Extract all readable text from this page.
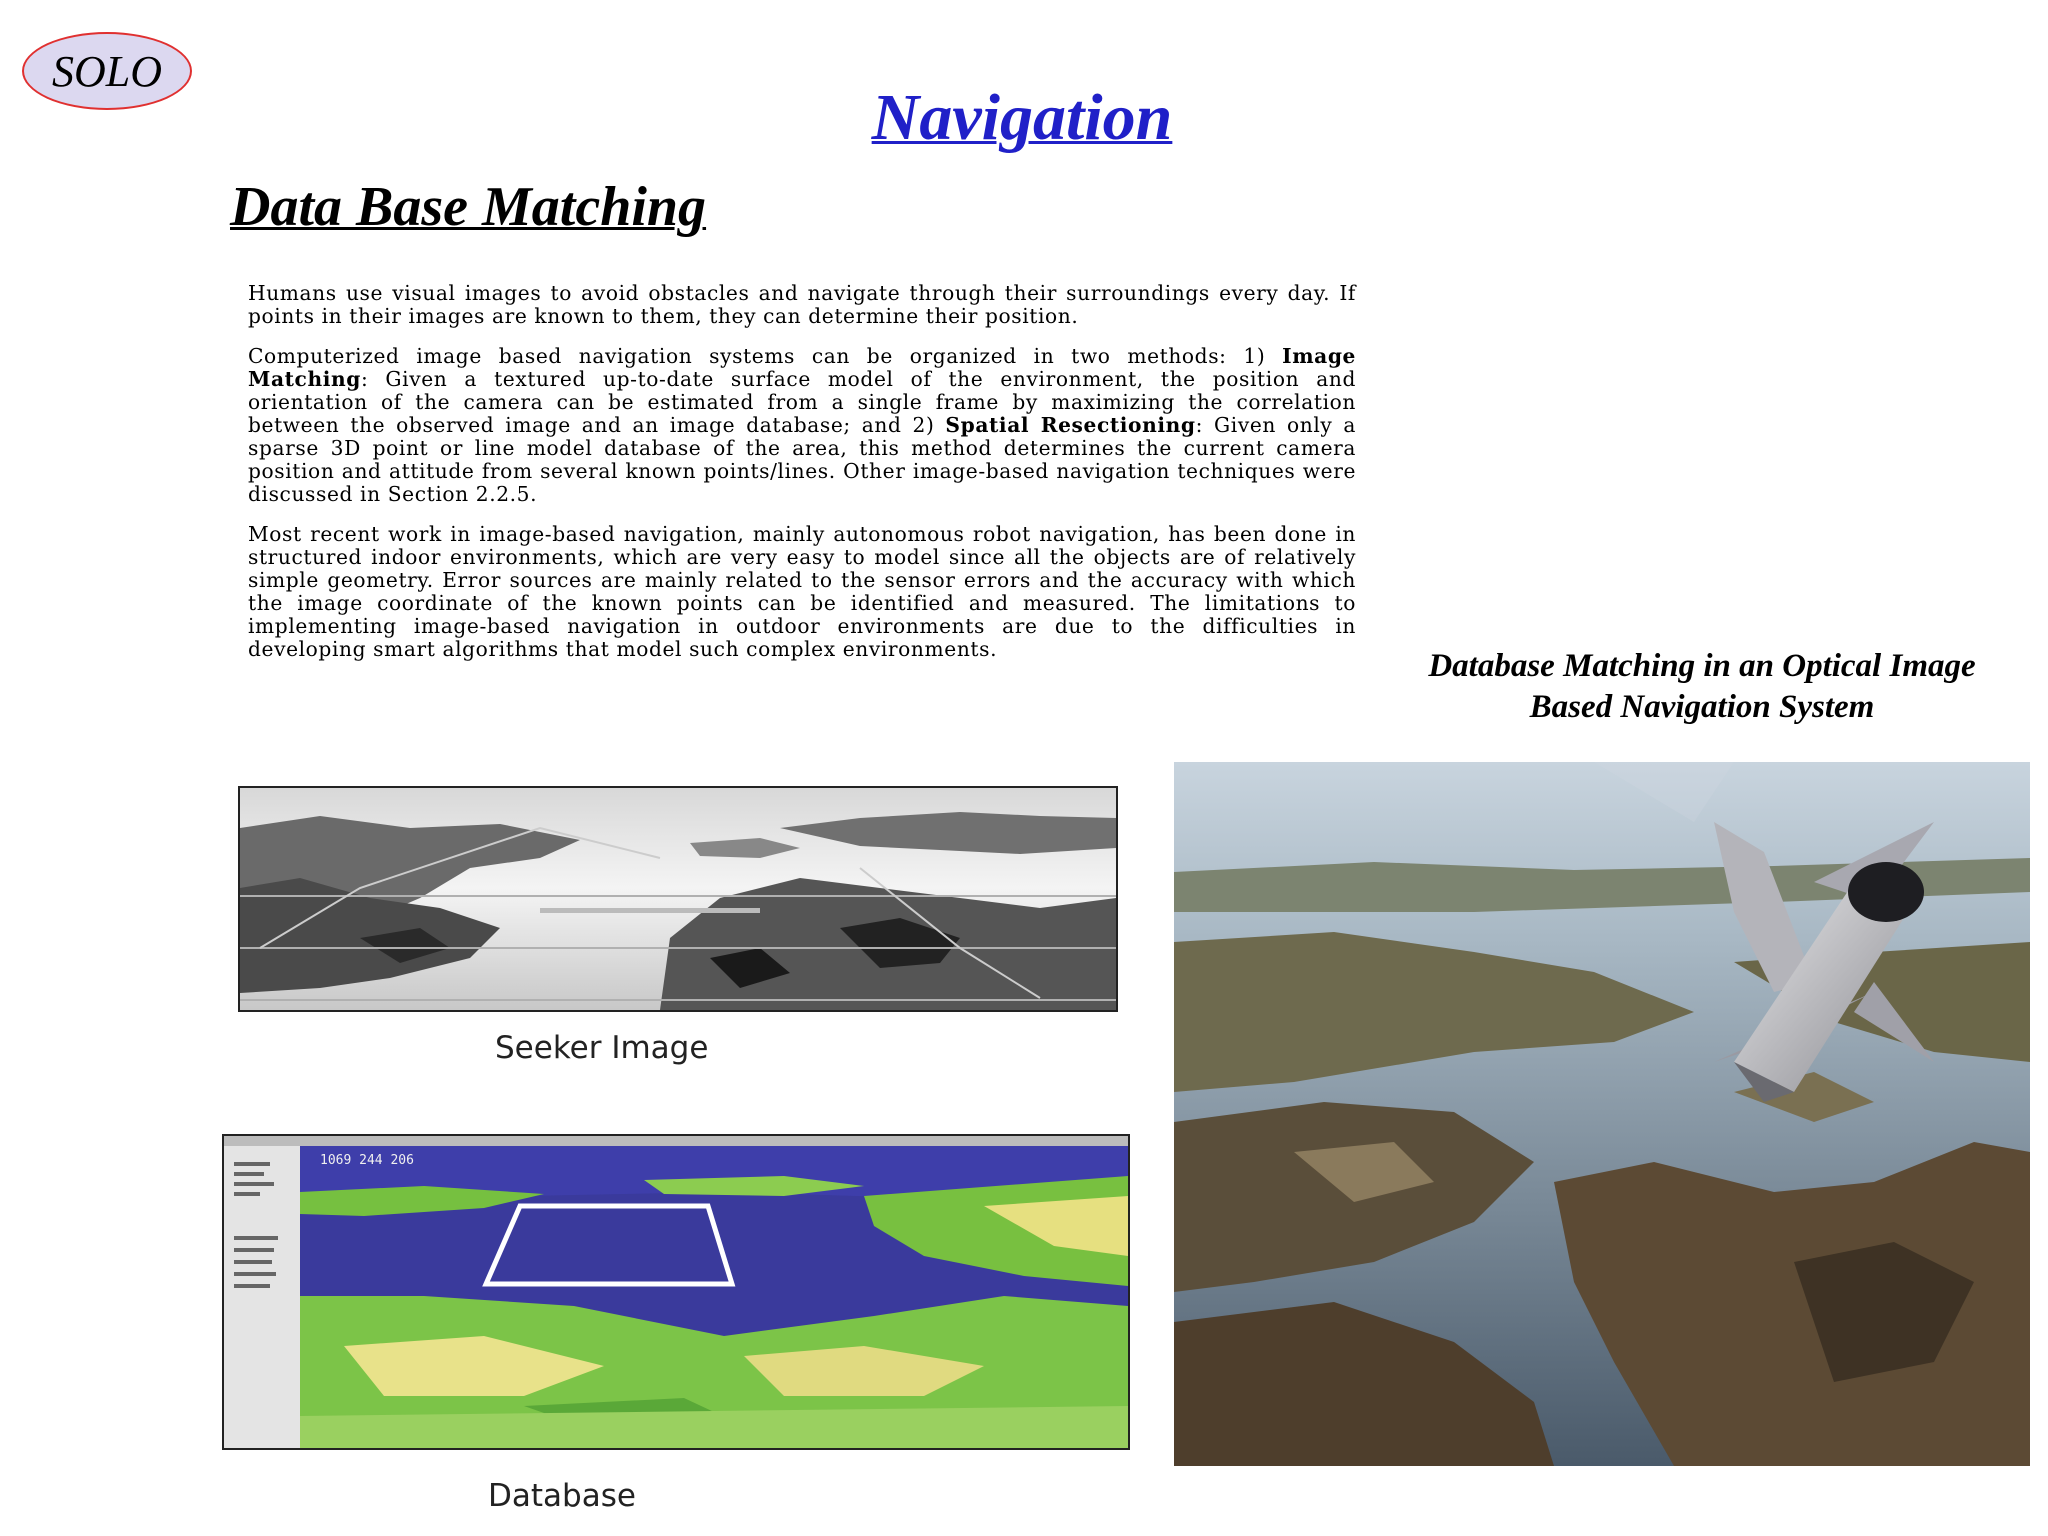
SOLO
Navigation
Data Base Matching

Humans use visual images to avoid obstacles and navigate through their surroundings every day. If points in their images are known to them, they can determine their position.

Computerized image based navigation systems can be organized in two methods: 1) Image Matching: Given a textured up-to-date surface model of the environment, the position and orientation of the camera can be estimated from a single frame by maximizing the correlation between the observed image and an image database; and 2) Spatial Resectioning: Given only a sparse 3D point or line model database of the area, this method determines the current camera position and attitude from several known points/lines. Other image-based navigation techniques were discussed in Section 2.2.5.

Most recent work in image-based navigation, mainly autonomous robot navigation, has been done in structured indoor environments, which are very easy to model since all the objects are of relatively simple geometry. Error sources are mainly related to the sensor errors and the accuracy with which the image coordinate of the known points can be identified and measured. The limitations to implementing image-based navigation in outdoor environments are due to the difficulties in developing smart algorithms that model such complex environments.	Database Matching in an Optical Image
Based Navigation System
Seeker Image
1069 244 206
Database
